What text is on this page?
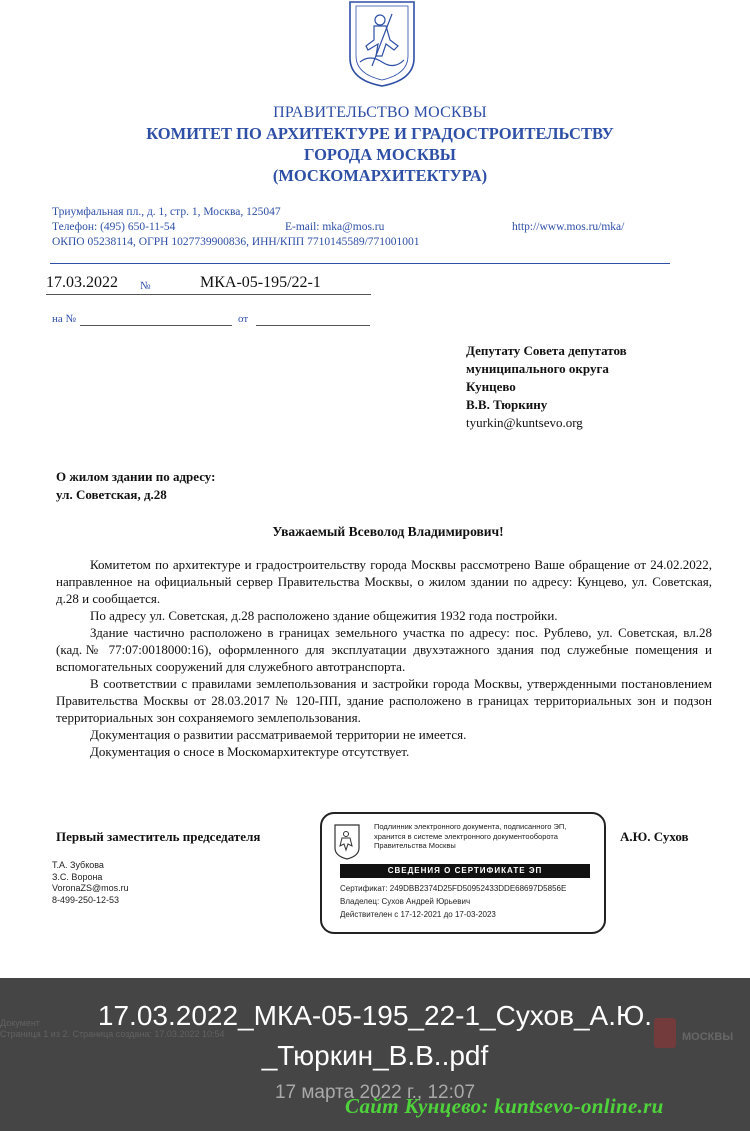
ПРАВИТЕЛЬСТВО МОСКВЫ
КОМИТЕТ ПО АРХИТЕКТУРЕ И ГРАДОСТРОИТЕЛЬСТВУ
ГОРОДА МОСКВЫ
(МОСКОМАРХИТЕКТУРА)
Триумфальная пл., д. 1, стр. 1, Москва, 125047
Телефон: (495) 650-11-54	E-mail: mka@mos.ru	http://www.mos.ru/mka/
ОКПО 05238114, ОГРН 1027739900836, ИНН/КПП 7710145589/771001001
17.03.2022 №	МКА-05-195/22-1
на №	от
Депутату Совета депутатов
муниципального округа
Кунцево
В.В. Тюркину
tyurkin@kuntsevo.org
О жилом здании по адресу:
ул. Советская, д.28
Уважаемый Всеволод Владимирович!

Комитетом по архитектуре и градостроительству города Москвы рассмотрено Ваше обращение от 24.02.2022, направленное на официальный сервер Правительства Москвы, о жилом здании по адресу: Кунцево, ул. Советская, д.28 и сообщается.

По адресу ул. Советская, д.28 расположено здание общежития 1932 года постройки.

Здание частично расположено в границах земельного участка по адресу: пос. Рублево, ул. Советская, вл.28 (кад.№ 77:07:0018000:16), оформленного для эксплуатации двухэтажного здания под служебные помещения и вспомогательных сооружений для служебного автотранспорта.

В соответствии с правилами землепользования и застройки города Москвы, утвержденными постановлением Правительства Москвы от 28.03.2017 № 120-ПП, здание расположено в границах территориальных зон и подзон территориальных зон сохраняемого землепользования.

Документация о развитии рассматриваемой территории не имеется.

Документация о сносе в Москомархитектуре отсутствует.

Первый заместитель председателя	А.Ю. Сухов
Подлинник электронного документа, подписанного ЭП,
хранится в системе электронного документооборота
Правительства Москвы
СВЕДЕНИЯ О СЕРТИФИКАТЕ ЭП
Сертификат: 249DBB2374D25FD50952433DDE68697D5856E
Владелец: Сухов Андрей Юрьевич
Действителен с 17-12-2021 до 17-03-2023
Т.А. Зубкова
З.С. Ворона
VoronaZS@mos.ru
8-499-250-12-53
Документ
Страница 1 из 2. Страница создана: 17.03.2022 10:54	МОСКВЫ
17.03.2022_МКА-05-195_22-1_Сухов_А.Ю.
_Тюркин_В.В..pdf
17 марта 2022 г., 12:07
Сайт Кунцево: kuntsevo-online.ru
